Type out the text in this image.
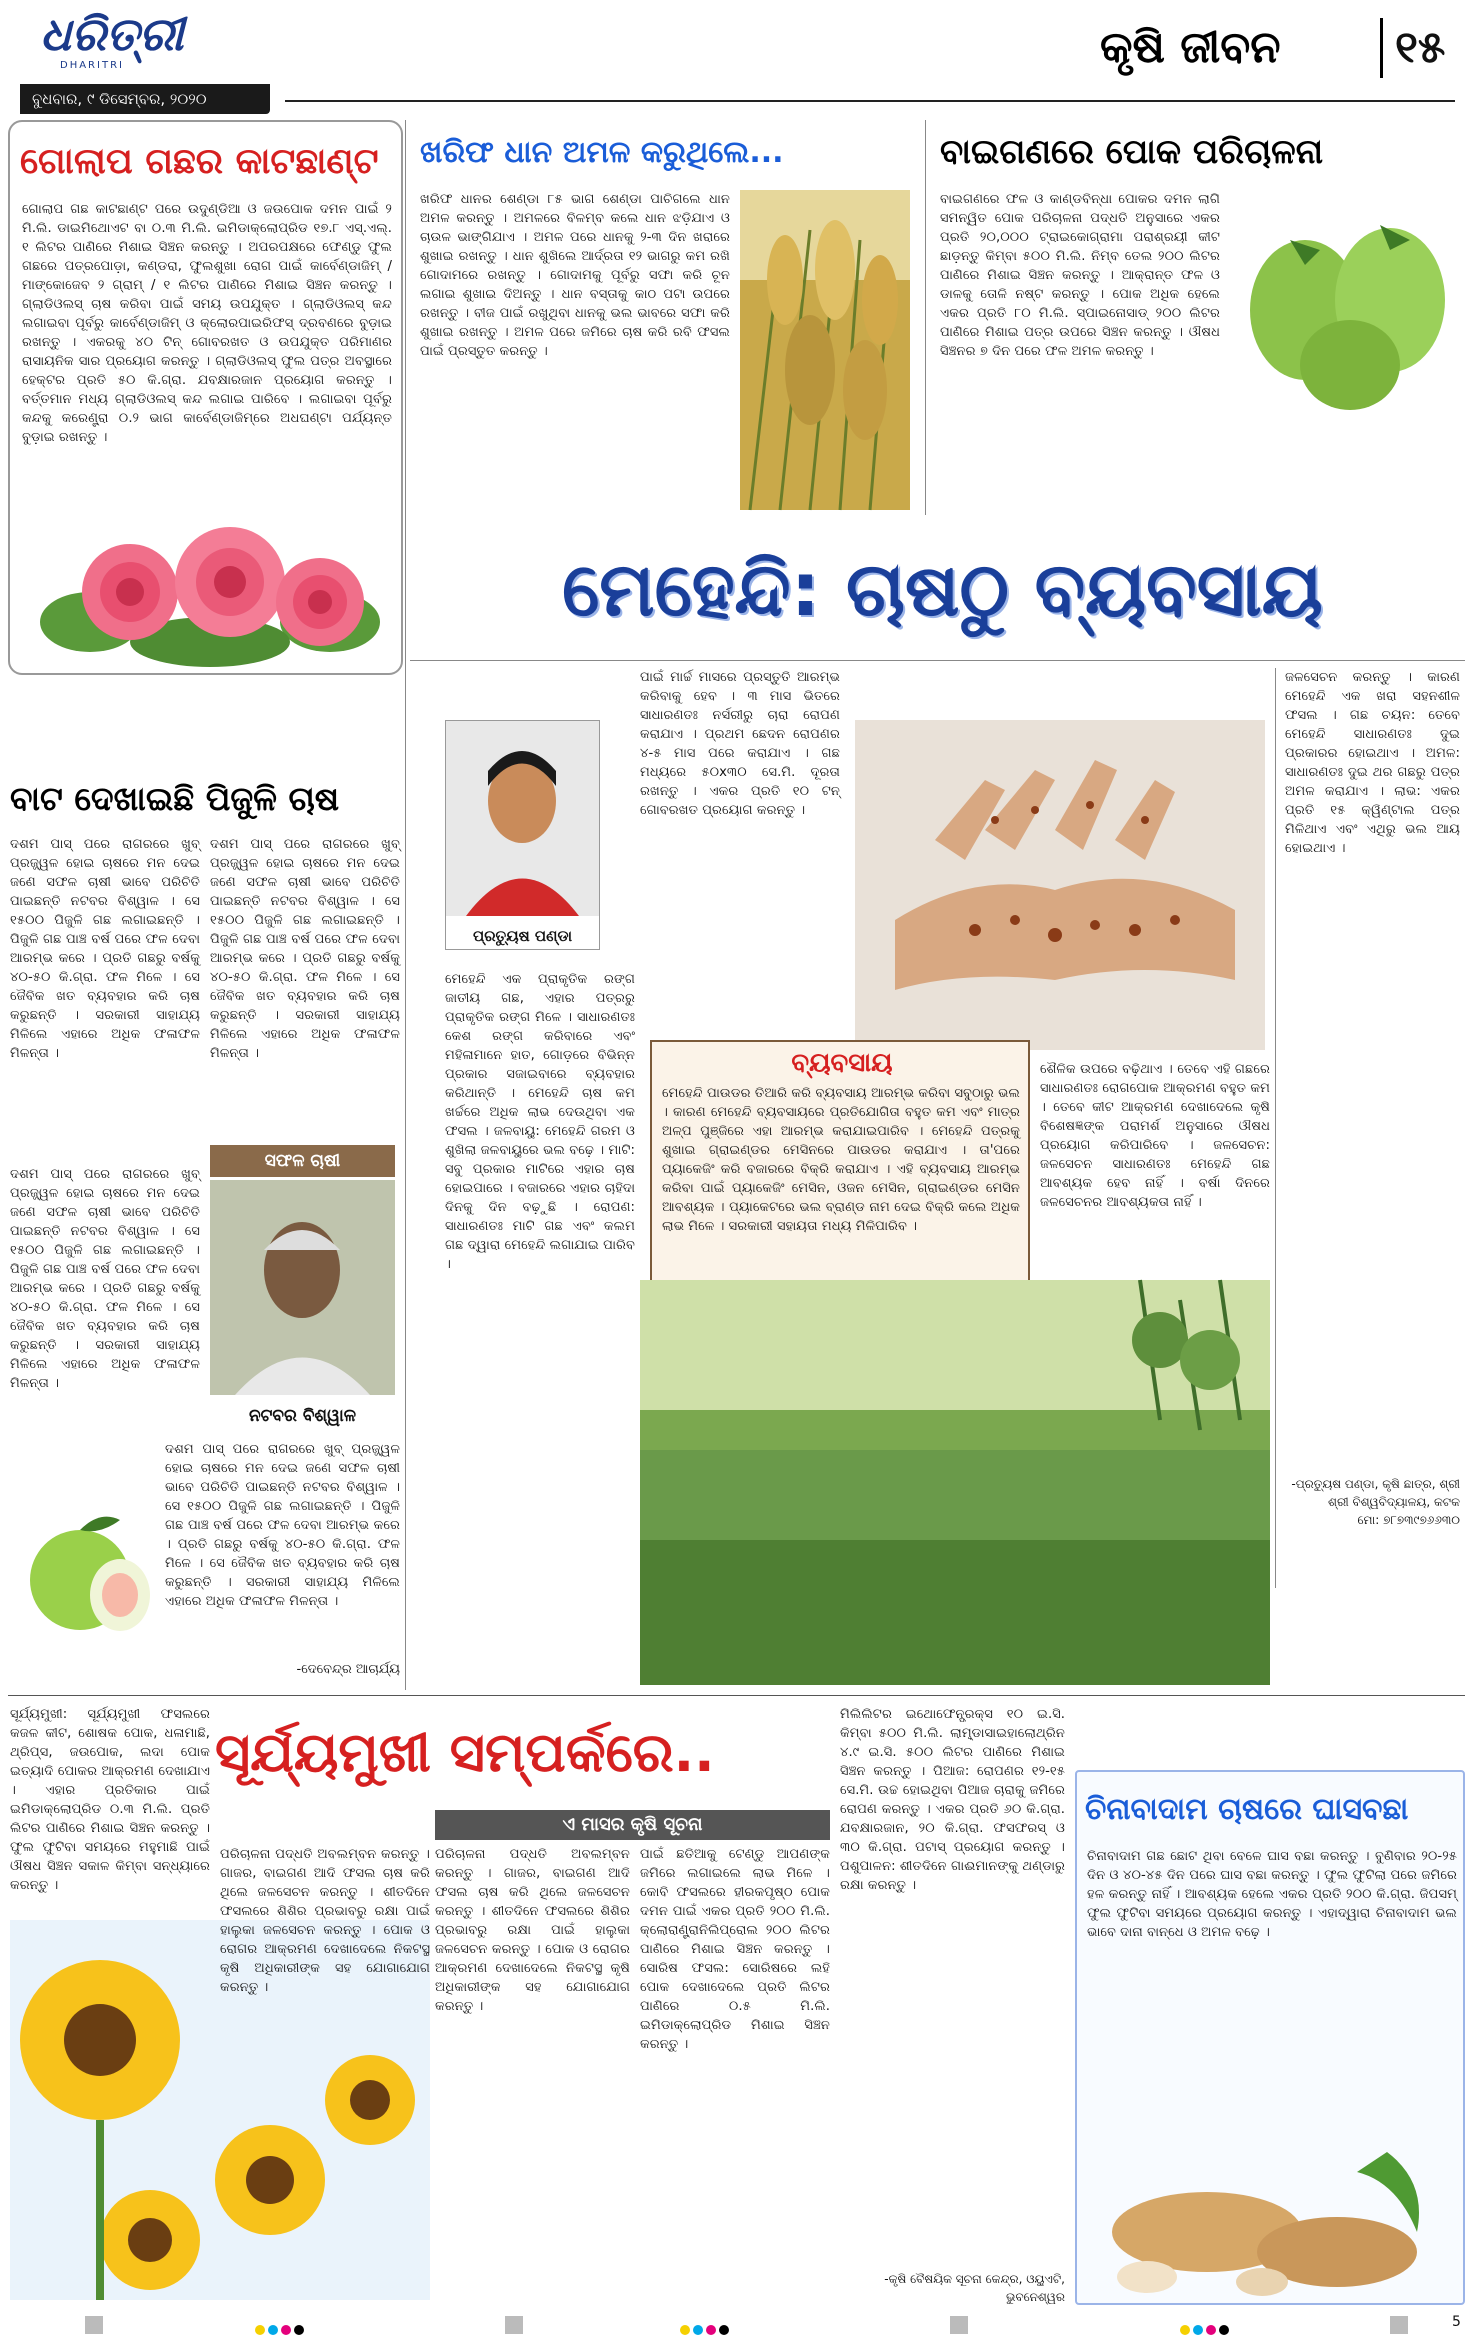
ଧରିତ୍ରୀ
DHARITRI	କୃଷି ଜୀବନ	୧୫
ବୁଧବାର, ୯ ଡିସେମ୍ବର, ୨୦୨୦
ଗୋଲାପ ଗଛର କାଟଛାଣ୍ଟ

ଗୋଲାପ ଗଛ କାଟଛାଣ୍ଟ ପରେ ଉଦୁଣ୍ଡିଆ ଓ ଜଉପୋକ ଦମନ ପାଇଁ ୨ ମି.ଲି. ଡାଇମିଥୋଏଟ ବା ୦.୩ ମି.ଲି. ଇମିଡାକ୍ଲୋପ୍ରିଡ ୧୭.୮ ଏସ୍.ଏଲ୍. ୧ ଲିଟର ପାଣିରେ ମିଶାଇ ସିଞ୍ଚନ କରନ୍ତୁ । ଅପରପକ୍ଷରେ ଫେଣ୍ଡୁ ଫୁଲ ଗଛରେ ପତ୍ରପୋଡ଼ା, କଣ୍ଡରା, ଫୁଲଶୁଖା ରୋଗ ପାଇଁ କାର୍ବେଣ୍ଡାଜିମ୍ / ମାଙ୍କୋଜେବ ୨ ଗ୍ରାମ୍ / ୧ ଲିଟର ପାଣିରେ ମିଶାଇ ସିଞ୍ଚନ କରନ୍ତୁ । ଗ୍ଲାଡିଓଲସ୍ ଚାଷ କରିବା ପାଇଁ ସମୟ ଉପଯୁକ୍ତ । ଗ୍ଲାଡିଓଲସ୍ କନ୍ଦ ଲଗାଇବା ପୂର୍ବରୁ କାର୍ବେଣ୍ଡାଜିମ୍ ଓ କ୍ଲୋରପାଇରିଫସ୍ ଦ୍ରବଣରେ ବୁଡ଼ାଇ ରଖନ୍ତୁ । ଏକରକୁ ୪୦ ଟିନ୍ ଗୋବରଖତ ଓ ଉପଯୁକ୍ତ ପରିମାଣର ରାସାୟନିକ ସାର ପ୍ରୟୋଗ କରନ୍ତୁ । ଗ୍ଲାଡିଓଲସ୍ ଫୁଲ ପତ୍ର ଅବସ୍ଥାରେ ହେକ୍ଟର ପ୍ରତି ୫୦ କି.ଗ୍ରା. ଯବକ୍ଷାରଜାନ ପ୍ରୟୋଗ କରନ୍ତୁ । ବର୍ତ୍ତମାନ ମଧ୍ୟ ଗ୍ଲାଡିଓଲସ୍ କନ୍ଦ ଲଗାଇ ପାରିବେ । ଲଗାଇବା ପୂର୍ବରୁ କନ୍ଦକୁ କରେଣ୍ଟ୍ରା ୦.୨ ଭାଗ କାର୍ବେଣ୍ଡାଜିମ୍‌ରେ ଅଧଘଣ୍ଟା ପର୍ଯ୍ୟନ୍ତ ବୁଡ଼ାଇ ରଖନ୍ତୁ ।

ଖରିଫ ଧାନ ଅମଳ କରୁଥିଲେ...

ଖରିଫ ଧାନର ଶେଣ୍ଡା ୮୫ ଭାଗ ଶେଣ୍ଡା ପାଚିଗଲେ ଧାନ ଅମଳ କରନ୍ତୁ । ଅମଳରେ ବିଳମ୍ବ କଲେ ଧାନ ଝଡ଼ିଯାଏ ଓ ଚାଉଳ ଭାଙ୍ଗିଯାଏ । ଅମଳ ପରେ ଧାନକୁ ୨-୩ ଦିନ ଖରାରେ ଶୁଖାଇ ରଖନ୍ତୁ । ଧାନ ଶୁଖିଲେ ଆର୍ଦ୍ରତା ୧୨ ଭାଗରୁ କମ ରଖି ଗୋଦାମରେ ରଖନ୍ତୁ । ଗୋଦାମକୁ ପୂର୍ବରୁ ସଫା କରି ଚୂନ ଲଗାଇ ଶୁଖାଇ ଦିଅନ୍ତୁ । ଧାନ ବସ୍ତାକୁ କାଠ ପଟା ଉପରେ ରଖନ୍ତୁ । ବୀଜ ପାଇଁ ରଖୁଥିବା ଧାନକୁ ଭଲ ଭାବରେ ସଫା କରି ଶୁଖାଇ ରଖନ୍ତୁ । ଅମଳ ପରେ ଜମିରେ ଚାଷ କରି ରବି ଫସଲ ପାଇଁ ପ୍ରସ୍ତୁତ କରନ୍ତୁ ।

ବାଇଗଣରେ ପୋକ ପରିଚାଳନା

ବାଇଗଣରେ ଫଳ ଓ କାଣ୍ଡବିନ୍ଧା ପୋକର ଦମନ ଲାଗି ସମନ୍ୱିତ ପୋକ ପରିଚାଳନା ପଦ୍ଧତି ଅନୁସାରେ ଏକର ପ୍ରତି ୨୦,୦୦୦ ଟ୍ରାଇକୋଗ୍ରାମା ପରାଶ୍ରୟୀ କୀଟ ଛାଡ଼ନ୍ତୁ କିମ୍ବା ୫୦୦ ମି.ଲି. ନିମ୍ବ ତେଲ ୨୦୦ ଲିଟର ପାଣିରେ ମିଶାଇ ସିଞ୍ଚନ କରନ୍ତୁ । ଆକ୍ରାନ୍ତ ଫଳ ଓ ଡାଳକୁ ତୋଳି ନଷ୍ଟ କରନ୍ତୁ । ପୋକ ଅଧିକ ହେଲେ ଏକର ପ୍ରତି ୮୦ ମି.ଲି. ସ୍ପାଇନୋସାଡ୍ ୨୦୦ ଲିଟର ପାଣିରେ ମିଶାଇ ପତ୍ର ଉପରେ ସିଞ୍ଚନ କରନ୍ତୁ । ଔଷଧ ସିଞ୍ଚନର ୭ ଦିନ ପରେ ଫଳ ଅମଳ କରନ୍ତୁ ।

ମେହେନ୍ଦି: ଚାଷଠୁ ବ୍ୟବସାୟ
ପ୍ରତ୍ୟୁଷ ପଣ୍ଡା

ପାଇଁ ମାର୍ଚ୍ଚ ମାସରେ ପ୍ରସ୍ତୁତି ଆରମ୍ଭ କରିବାକୁ ହେବ । ୩ ମାସ ଭିତରେ ସାଧାରଣତଃ ନର୍ସରୀରୁ ଚାରା ରୋପଣ କରାଯାଏ । ପ୍ରଥମ ଛେଦନ ରୋପଣର ୪-୫ ମାସ ପରେ କରାଯାଏ । ଗଛ ମଧ୍ୟରେ ୫୦x୩୦ ସେ.ମି. ଦୂରତା ରଖନ୍ତୁ । ଏକର ପ୍ରତି ୧୦ ଟନ୍ ଗୋବରଖତ ପ୍ରୟୋଗ କରନ୍ତୁ ।

ଜଳସେଚନ କରନ୍ତୁ । କାରଣ ମେହେନ୍ଦି ଏକ ଖରା ସହନଶୀଳ ଫସଲ । ଗଛ ଚୟନ: ତେବେ ମେହେନ୍ଦି ସାଧାରଣତଃ ଦୁଇ ପ୍ରକାରର ହୋଇଥାଏ । ଅମଳ: ସାଧାରଣତଃ ଦୁଇ ଥର ଗଛରୁ ପତ୍ର ଅମଳ କରାଯାଏ । ଲାଭ: ଏକର ପ୍ରତି ୧୫ କ୍ୱିଣ୍ଟାଲ ପତ୍ର ମିଳିଥାଏ ଏବଂ ଏଥିରୁ ଭଲ ଆୟ ହୋଇଥାଏ ।

-ପ୍ରତ୍ୟୁଷ ପଣ୍ଡା, କୃଷି ଛାତ୍ର, ଶ୍ରୀ ଶ୍ରୀ ବିଶ୍ୱବିଦ୍ୟାଳୟ, କଟକ
ମୋ: ୭୮୭୩୯୭୬୬୩୦

ମେହେନ୍ଦି ଏକ ପ୍ରାକୃତିକ ରଙ୍ଗ ଜାତୀୟ ଗଛ, ଏହାର ପତ୍ରରୁ ପ୍ରାକୃତିକ ରଙ୍ଗ ମିଳେ । ସାଧାରଣତଃ କେଶ ରଙ୍ଗ କରିବାରେ ଏବଂ ମହିଳାମାନେ ହାତ, ଗୋଡ଼ରେ ବିଭିନ୍ନ ପ୍ରକାର ସଜାଇବାରେ ବ୍ୟବହାର କରିଥାନ୍ତି । ମେହେନ୍ଦି ଚାଷ କମ ଖର୍ଚ୍ଚରେ ଅଧିକ ଲାଭ ଦେଉଥିବା ଏକ ଫସଲ । ଜଳବାୟୁ: ମେହେନ୍ଦି ଗରମ ଓ ଶୁଖିଲା ଜଳବାୟୁରେ ଭଲ ବଢ଼େ । ମାଟି: ସବୁ ପ୍ରକାର ମାଟିରେ ଏହାର ଚାଷ ହୋଇପାରେ । ବଜାରରେ ଏହାର ଚାହିଦା ଦିନକୁ ଦିନ ବଢ଼ୁଛି । ରୋପଣ: ସାଧାରଣତଃ ମାଟି ଗଛ ଏବଂ କଲମ ଗଛ ଦ୍ୱାରା ମେହେନ୍ଦି ଲଗାଯାଇ ପାରିବ ।

ବ୍ୟବସାୟ

ମେହେନ୍ଦି ପାଉଡର ତିଆରି କରି ବ୍ୟବସାୟ ଆରମ୍ଭ କରିବା ସବୁଠାରୁ ଭଲ । କାରଣ ମେହେନ୍ଦି ବ୍ୟବସାୟରେ ପ୍ରତିଯୋଗିତା ବହୁତ କମ ଏବଂ ମାତ୍ର ଅଳ୍ପ ପୁଞ୍ଜିରେ ଏହା ଆରମ୍ଭ କରାଯାଇପାରିବ । ମେହେନ୍ଦି ପତ୍ରକୁ ଶୁଖାଇ ଗ୍ରାଇଣ୍ଡର ମେସିନରେ ପାଉଡର କରାଯାଏ । ତା'ପରେ ପ୍ୟାକେଜିଂ କରି ବଜାରରେ ବିକ୍ରି କରାଯାଏ । ଏହି ବ୍ୟବସାୟ ଆରମ୍ଭ କରିବା ପାଇଁ ପ୍ୟାକେଜିଂ ମେସିନ, ଓଜନ ମେସିନ, ଗ୍ରାଇଣ୍ଡର ମେସିନ ଆବଶ୍ୟକ । ପ୍ୟାକେଟରେ ଭଲ ବ୍ରାଣ୍ଡ ନାମ ଦେଇ ବିକ୍ରି କଲେ ଅଧିକ ଲାଭ ମିଳେ । ସରକାରୀ ସହାୟତା ମଧ୍ୟ ମିଳିପାରିବ ।

ଶୈଳିକ ଉପରେ ବଢ଼ିଥାଏ । ତେବେ ଏହି ଗଛରେ ସାଧାରଣତଃ ରୋଗପୋକ ଆକ୍ରମଣ ବହୁତ କମ । ତେବେ କୀଟ ଆକ୍ରମଣ ଦେଖାଦେଲେ କୃଷି ବିଶେଷଜ୍ଞଙ୍କ ପରାମର୍ଶ ଅନୁସାରେ ଔଷଧ ପ୍ରୟୋଗ କରିପାରିବେ । ଜଳସେଚନ: ଜଳସେଚନ ସାଧାରଣତଃ ମେହେନ୍ଦି ଗଛ ଆବଶ୍ୟକ ହେବ ନାହିଁ । ବର୍ଷା ଦିନରେ ଜଳସେଚନର ଆବଶ୍ୟକତା ନାହିଁ ।

ବାଟ ଦେଖାଇଛି ପିଜୁଳି ଚାଷ

ଦଶମ ପାସ୍ ପରେ ରାଗରରେ ଖୁବ୍ ପ୍ରଜ୍ଜ୍ୱଳ ହୋଇ ଚାଷରେ ମନ ଦେଇ ଜଣେ ସଫଳ ଚାଷୀ ଭାବେ ପରିଚିତି ପାଇଛନ୍ତି ନଟବର ବିଶ୍ୱାଳ । ସେ ୧୫୦୦ ପିଜୁଳି ଗଛ ଲଗାଇଛନ୍ତି । ପିଜୁଳି ଗଛ ପାଞ୍ଚ ବର୍ଷ ପରେ ଫଳ ଦେବା ଆରମ୍ଭ କରେ । ପ୍ରତି ଗଛରୁ ବର୍ଷକୁ ୪୦-୫୦ କି.ଗ୍ରା. ଫଳ ମିଳେ । ସେ ଜୈବିକ ଖତ ବ୍ୟବହାର କରି ଚାଷ କରୁଛନ୍ତି । ସରକାରୀ ସାହାଯ୍ୟ ମିଳିଲେ ଏହାରେ ଅଧିକ ଫଳାଫଳ ମିଳନ୍ତା ।

ଦଶମ ପାସ୍ ପରେ ରାଗରରେ ଖୁବ୍ ପ୍ରଜ୍ଜ୍ୱଳ ହୋଇ ଚାଷରେ ମନ ଦେଇ ଜଣେ ସଫଳ ଚାଷୀ ଭାବେ ପରିଚିତି ପାଇଛନ୍ତି ନଟବର ବିଶ୍ୱାଳ । ସେ ୧୫୦୦ ପିଜୁଳି ଗଛ ଲଗାଇଛନ୍ତି । ପିଜୁଳି ଗଛ ପାଞ୍ଚ ବର୍ଷ ପରେ ଫଳ ଦେବା ଆରମ୍ଭ କରେ । ପ୍ରତି ଗଛରୁ ବର୍ଷକୁ ୪୦-୫୦ କି.ଗ୍ରା. ଫଳ ମିଳେ । ସେ ଜୈବିକ ଖତ ବ୍ୟବହାର କରି ଚାଷ କରୁଛନ୍ତି । ସରକାରୀ ସାହାଯ୍ୟ ମିଳିଲେ ଏହାରେ ଅଧିକ ଫଳାଫଳ ମିଳନ୍ତା ।

ସଫଳ ଚାଷୀ
ନଟବର ବିଶ୍ୱାଳ

ଦଶମ ପାସ୍ ପରେ ରାଗରରେ ଖୁବ୍ ପ୍ରଜ୍ଜ୍ୱଳ ହୋଇ ଚାଷରେ ମନ ଦେଇ ଜଣେ ସଫଳ ଚାଷୀ ଭାବେ ପରିଚିତି ପାଇଛନ୍ତି ନଟବର ବିଶ୍ୱାଳ । ସେ ୧୫୦୦ ପିଜୁଳି ଗଛ ଲଗାଇଛନ୍ତି । ପିଜୁଳି ଗଛ ପାଞ୍ଚ ବର୍ଷ ପରେ ଫଳ ଦେବା ଆରମ୍ଭ କରେ । ପ୍ରତି ଗଛରୁ ବର୍ଷକୁ ୪୦-୫୦ କି.ଗ୍ରା. ଫଳ ମିଳେ । ସେ ଜୈବିକ ଖତ ବ୍ୟବହାର କରି ଚାଷ କରୁଛନ୍ତି । ସରକାରୀ ସାହାଯ୍ୟ ମିଳିଲେ ଏହାରେ ଅଧିକ ଫଳାଫଳ ମିଳନ୍ତା ।

ଦଶମ ପାସ୍ ପରେ ରାଗରରେ ଖୁବ୍ ପ୍ରଜ୍ଜ୍ୱଳ ହୋଇ ଚାଷରେ ମନ ଦେଇ ଜଣେ ସଫଳ ଚାଷୀ ଭାବେ ପରିଚିତି ପାଇଛନ୍ତି ନଟବର ବିଶ୍ୱାଳ । ସେ ୧୫୦୦ ପିଜୁଳି ଗଛ ଲଗାଇଛନ୍ତି । ପିଜୁଳି ଗଛ ପାଞ୍ଚ ବର୍ଷ ପରେ ଫଳ ଦେବା ଆରମ୍ଭ କରେ । ପ୍ରତି ଗଛରୁ ବର୍ଷକୁ ୪୦-୫୦ କି.ଗ୍ରା. ଫଳ ମିଳେ । ସେ ଜୈବିକ ଖତ ବ୍ୟବହାର କରି ଚାଷ କରୁଛନ୍ତି । ସରକାରୀ ସାହାଯ୍ୟ ମିଳିଲେ ଏହାରେ ଅଧିକ ଫଳାଫଳ ମିଳନ୍ତା ।

-ଦେବେନ୍ଦ୍ର ଆଚାର୍ଯ୍ୟ

ସୂର୍ଯ୍ୟମୁଖୀ: ସୂର୍ଯ୍ୟମୁଖୀ ଫସଲରେ କଜଳ କୀଟ, ଶୋଷକ ପୋକ, ଧଳାମାଛି, ଥ୍ରିପ୍ସ, ଜଉପୋକ, ଲଦା ପୋକ ଇତ୍ୟାଦି ପୋକର ଆକ୍ରମଣ ଦେଖାଯାଏ । ଏହାର ପ୍ରତିକାର ପାଇଁ ଇମିଡାକ୍ଲୋପ୍ରିଡ ୦.୩ ମି.ଲି. ପ୍ରତି ଲିଟର ପାଣିରେ ମିଶାଇ ସିଞ୍ଚନ କରନ୍ତୁ । ଫୁଲ ଫୁଟିବା ସମୟରେ ମହୁମାଛି ପାଇଁ ଔଷଧ ସିଞ୍ଚନ ସକାଳ କିମ୍ବା ସନ୍ଧ୍ୟାରେ କରନ୍ତୁ ।

ସୂର୍ଯ୍ୟମୁଖୀ ସମ୍ପର୍କରେ..
ଏ ମାସର କୃଷି ସୂଚନା

ପରିଚାଳନା ପଦ୍ଧତି ଅବଲମ୍ବନ କରନ୍ତୁ । ଗାଜର, ବାଇଗଣ ଆଦି ଫସଲ ଚାଷ କରି ଥିଲେ ଜଳସେଚନ କରନ୍ତୁ । ଶୀତଦିନେ ଫସଲରେ ଶିଶିର ପ୍ରଭାବରୁ ରକ୍ଷା ପାଇଁ ହାଲୁକା ଜଳସେଚନ କରନ୍ତୁ । ପୋକ ଓ ରୋଗର ଆକ୍ରମଣ ଦେଖାଦେଲେ ନିକଟସ୍ଥ କୃଷି ଅଧିକାରୀଙ୍କ ସହ ଯୋଗାଯୋଗ କରନ୍ତୁ ।

ପରିଚାଳନା ପଦ୍ଧତି ଅବଲମ୍ବନ କରନ୍ତୁ । ଗାଜର, ବାଇଗଣ ଆଦି ଫସଲ ଚାଷ କରି ଥିଲେ ଜଳସେଚନ କରନ୍ତୁ । ଶୀତଦିନେ ଫସଲରେ ଶିଶିର ପ୍ରଭାବରୁ ରକ୍ଷା ପାଇଁ ହାଲୁକା ଜଳସେଚନ କରନ୍ତୁ । ପୋକ ଓ ରୋଗର ଆକ୍ରମଣ ଦେଖାଦେଲେ ନିକଟସ୍ଥ କୃଷି ଅଧିକାରୀଙ୍କ ସହ ଯୋଗାଯୋଗ କରନ୍ତୁ ।

ପାଇଁ ଛତିଆକୁ ଟେଣ୍ଡୁ ଆପଣଙ୍କ ଜମିରେ ଲଗାଇଲେ ଲାଭ ମିଳେ । କୋବି ଫସଲରେ ହୀରକପୃଷ୍ଠ ପୋକ ଦମନ ପାଇଁ ଏକର ପ୍ରତି ୨୦୦ ମି.ଲି. କ୍ଲୋରାଣ୍ଟ୍ରାନିଲିପ୍ରୋଲ ୨୦୦ ଲିଟର ପାଣିରେ ମିଶାଇ ସିଞ୍ଚନ କରନ୍ତୁ । ସୋରିଷ ଫସଲ: ସୋରିଷରେ ଲହି ପୋକ ଦେଖାଦେଲେ ପ୍ରତି ଲିଟର ପାଣିରେ ୦.୫ ମି.ଲି. ଇମିଡାକ୍ଲୋପ୍ରିଡ ମିଶାଇ ସିଞ୍ଚନ କରନ୍ତୁ ।

ମିଲିଲିଟର ଇଥୋଫେନ୍ପ୍ରକ୍ସ ୧୦ ଇ.ସି. କିମ୍ବା ୫୦୦ ମି.ଲି. ଲାମ୍ବ୍ଡାସାଇହାଲୋଥ୍ରିନ ୪.୯ ଇ.ସି. ୫୦୦ ଲିଟର ପାଣିରେ ମିଶାଇ ସିଞ୍ଚନ କରନ୍ତୁ । ପିଆଜ: ରୋପଣର ୧୨-୧୫ ସେ.ମି. ଉଚ୍ଚ ହୋଇଥିବା ପିଆଜ ଚାରାକୁ ଜମିରେ ରୋପଣ କରନ୍ତୁ । ଏକର ପ୍ରତି ୬୦ କି.ଗ୍ରା. ଯବକ୍ଷାରଜାନ, ୨୦ କି.ଗ୍ରା. ଫସଫରସ୍ ଓ ୩୦ କି.ଗ୍ରା. ପଟାସ୍ ପ୍ରୟୋଗ କରନ୍ତୁ । ପଶୁପାଳନ: ଶୀତଦିନେ ଗାଈମାନଙ୍କୁ ଥଣ୍ଡାରୁ ରକ୍ଷା କରନ୍ତୁ ।

-କୃଷି ବୈଷୟିକ ସୂଚନା କେନ୍ଦ୍ର, ଓୟୁଏଟି, ଭୁବନେଶ୍ୱର
ଚିନାବାଦାମ ଚାଷରେ ଘାସବଛା

ଚିନାବାଦାମ ଗଛ ଛୋଟ ଥିବା ବେଳେ ଘାସ ବଛା କରନ୍ତୁ । ବୁଣିବାର ୨୦-୨୫ ଦିନ ଓ ୪୦-୪୫ ଦିନ ପରେ ଘାସ ବଛା କରନ୍ତୁ । ଫୁଲ ଫୁଟିଲା ପରେ ଜମିରେ ହଳ କରନ୍ତୁ ନାହିଁ । ଆବଶ୍ୟକ ହେଲେ ଏକର ପ୍ରତି ୨୦୦ କି.ଗ୍ରା. ଜିପସମ୍ ଫୁଲ ଫୁଟିବା ସମୟରେ ପ୍ରୟୋଗ କରନ୍ତୁ । ଏହାଦ୍ୱାରା ଚିନାବାଦାମ ଭଲ ଭାବେ ଦାନା ବାନ୍ଧେ ଓ ଅମଳ ବଢ଼େ ।

5
